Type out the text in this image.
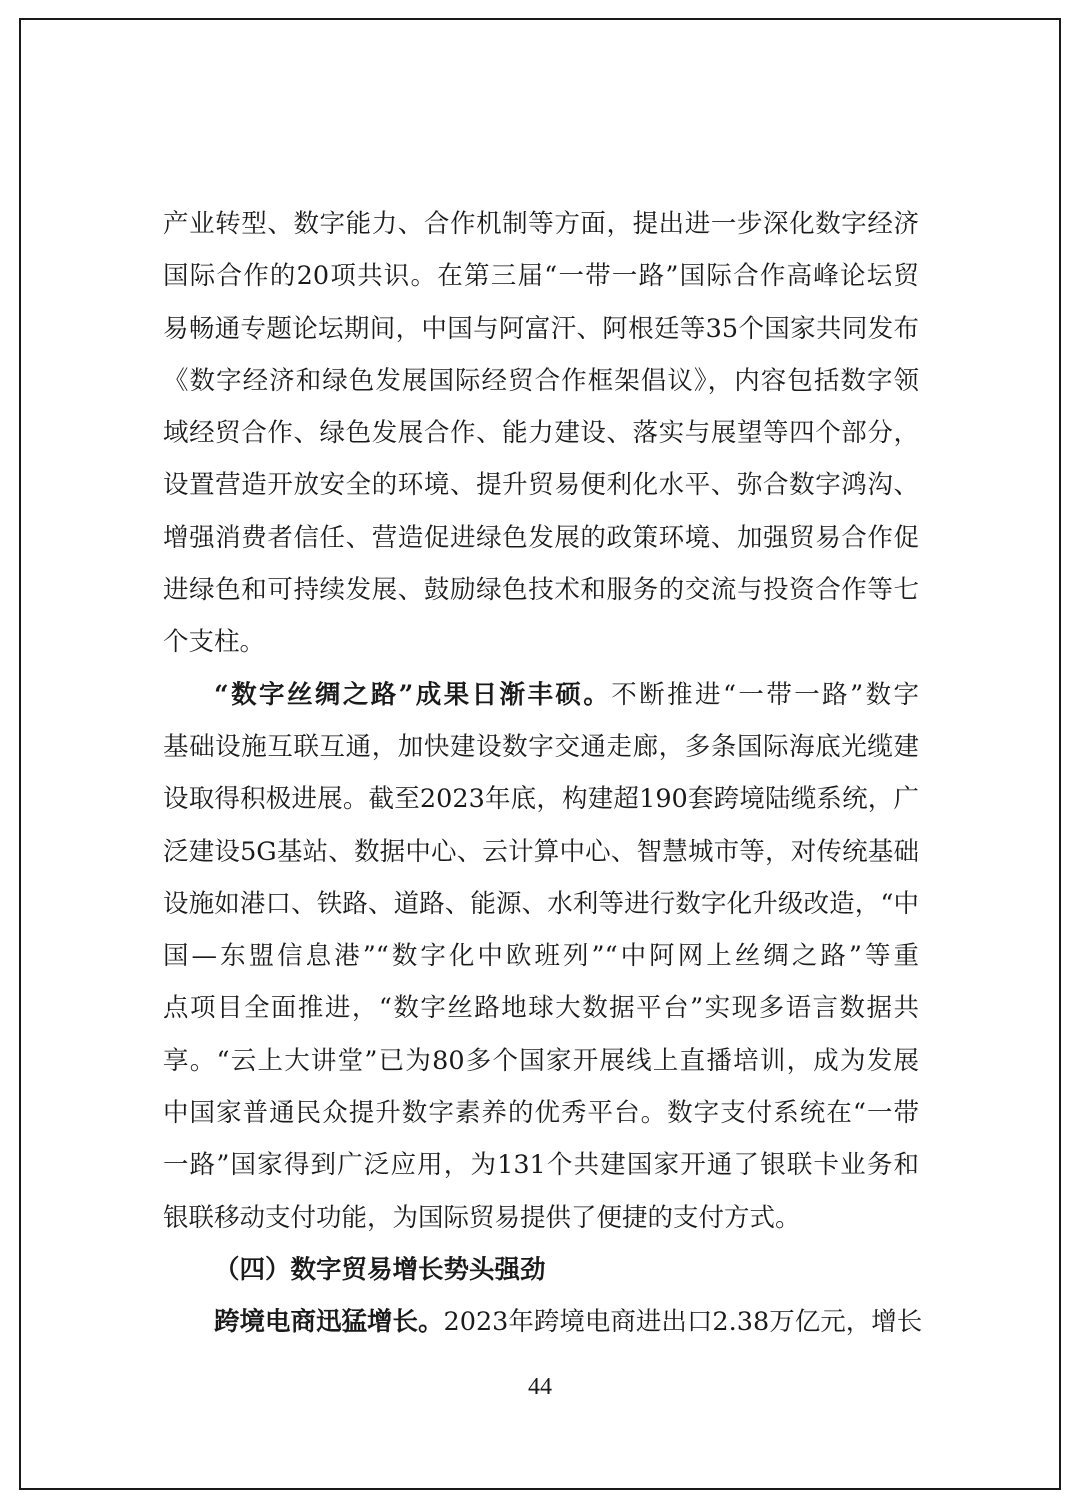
产业转型、数字能力、合作机制等方面，提出进一步深化数字经济
国际合作的20项共识。在第三届“一带一路”国际合作高峰论坛贸
易畅通专题论坛期间，中国与阿富汗、阿根廷等35个国家共同发布
《数字经济和绿色发展国际经贸合作框架倡议》，内容包括数字领
域经贸合作、绿色发展合作、能力建设、落实与展望等四个部分，
设置营造开放安全的环境、提升贸易便利化水平、弥合数字鸿沟、
增强消费者信任、营造促进绿色发展的政策环境、加强贸易合作促
进绿色和可持续发展、鼓励绿色技术和服务的交流与投资合作等七
个支柱。
“数字丝绸之路”成果日渐丰硕。不断推进“一带一路”数字
基础设施互联互通，加快建设数字交通走廊，多条国际海底光缆建
设取得积极进展。截至2023年底，构建超190套跨境陆缆系统，广
泛建设5G基站、数据中心、云计算中心、智慧城市等，对传统基础
设施如港口、铁路、道路、能源、水利等进行数字化升级改造，“中
国—东盟信息港”“数字化中欧班列”“中阿网上丝绸之路”等重
点项目全面推进，“数字丝路地球大数据平台”实现多语言数据共
享。“云上大讲堂”已为80多个国家开展线上直播培训，成为发展
中国家普通民众提升数字素养的优秀平台。数字支付系统在“一带
一路”国家得到广泛应用，为131个共建国家开通了银联卡业务和
银联移动支付功能，为国际贸易提供了便捷的支付方式。
（四）数字贸易增长势头强劲
跨境电商迅猛增长。2023年跨境电商进出口2.38万亿元，增长
44
